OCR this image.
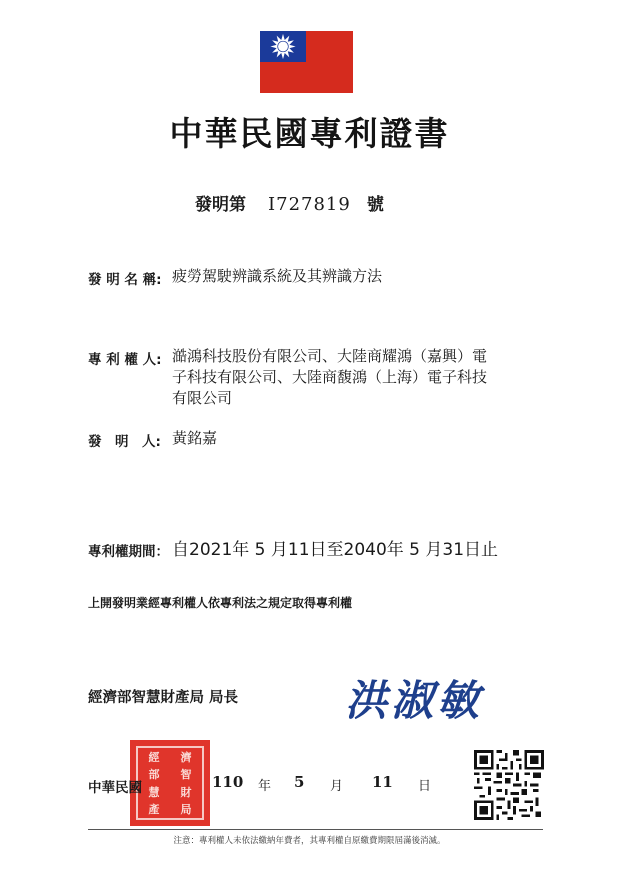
中華民國專利證書
發明第 I727819 號
發 明 名 稱: 疲勞駕駛辨識系統及其辨識方法
專 利 權 人: 澔鴻科技股份有限公司、大陸商耀鴻（嘉興）電
子科技有限公司、大陸商馥鴻（上海）電子科技
有限公司
發　明　人: 黃銘嘉
專利權期間： 自2021年 5 月11日至2040年 5 月31日止
上開發明業經專利權人依專利法之規定取得專利權
經濟部智慧財產局 局長	洪淑敏
經	濟
部	智
慧	財
產	局
中華民國	110 年 5 月 11 日
注意：專利權人未依法繳納年費者，其專利權自原繳費期限屆滿後消滅。
